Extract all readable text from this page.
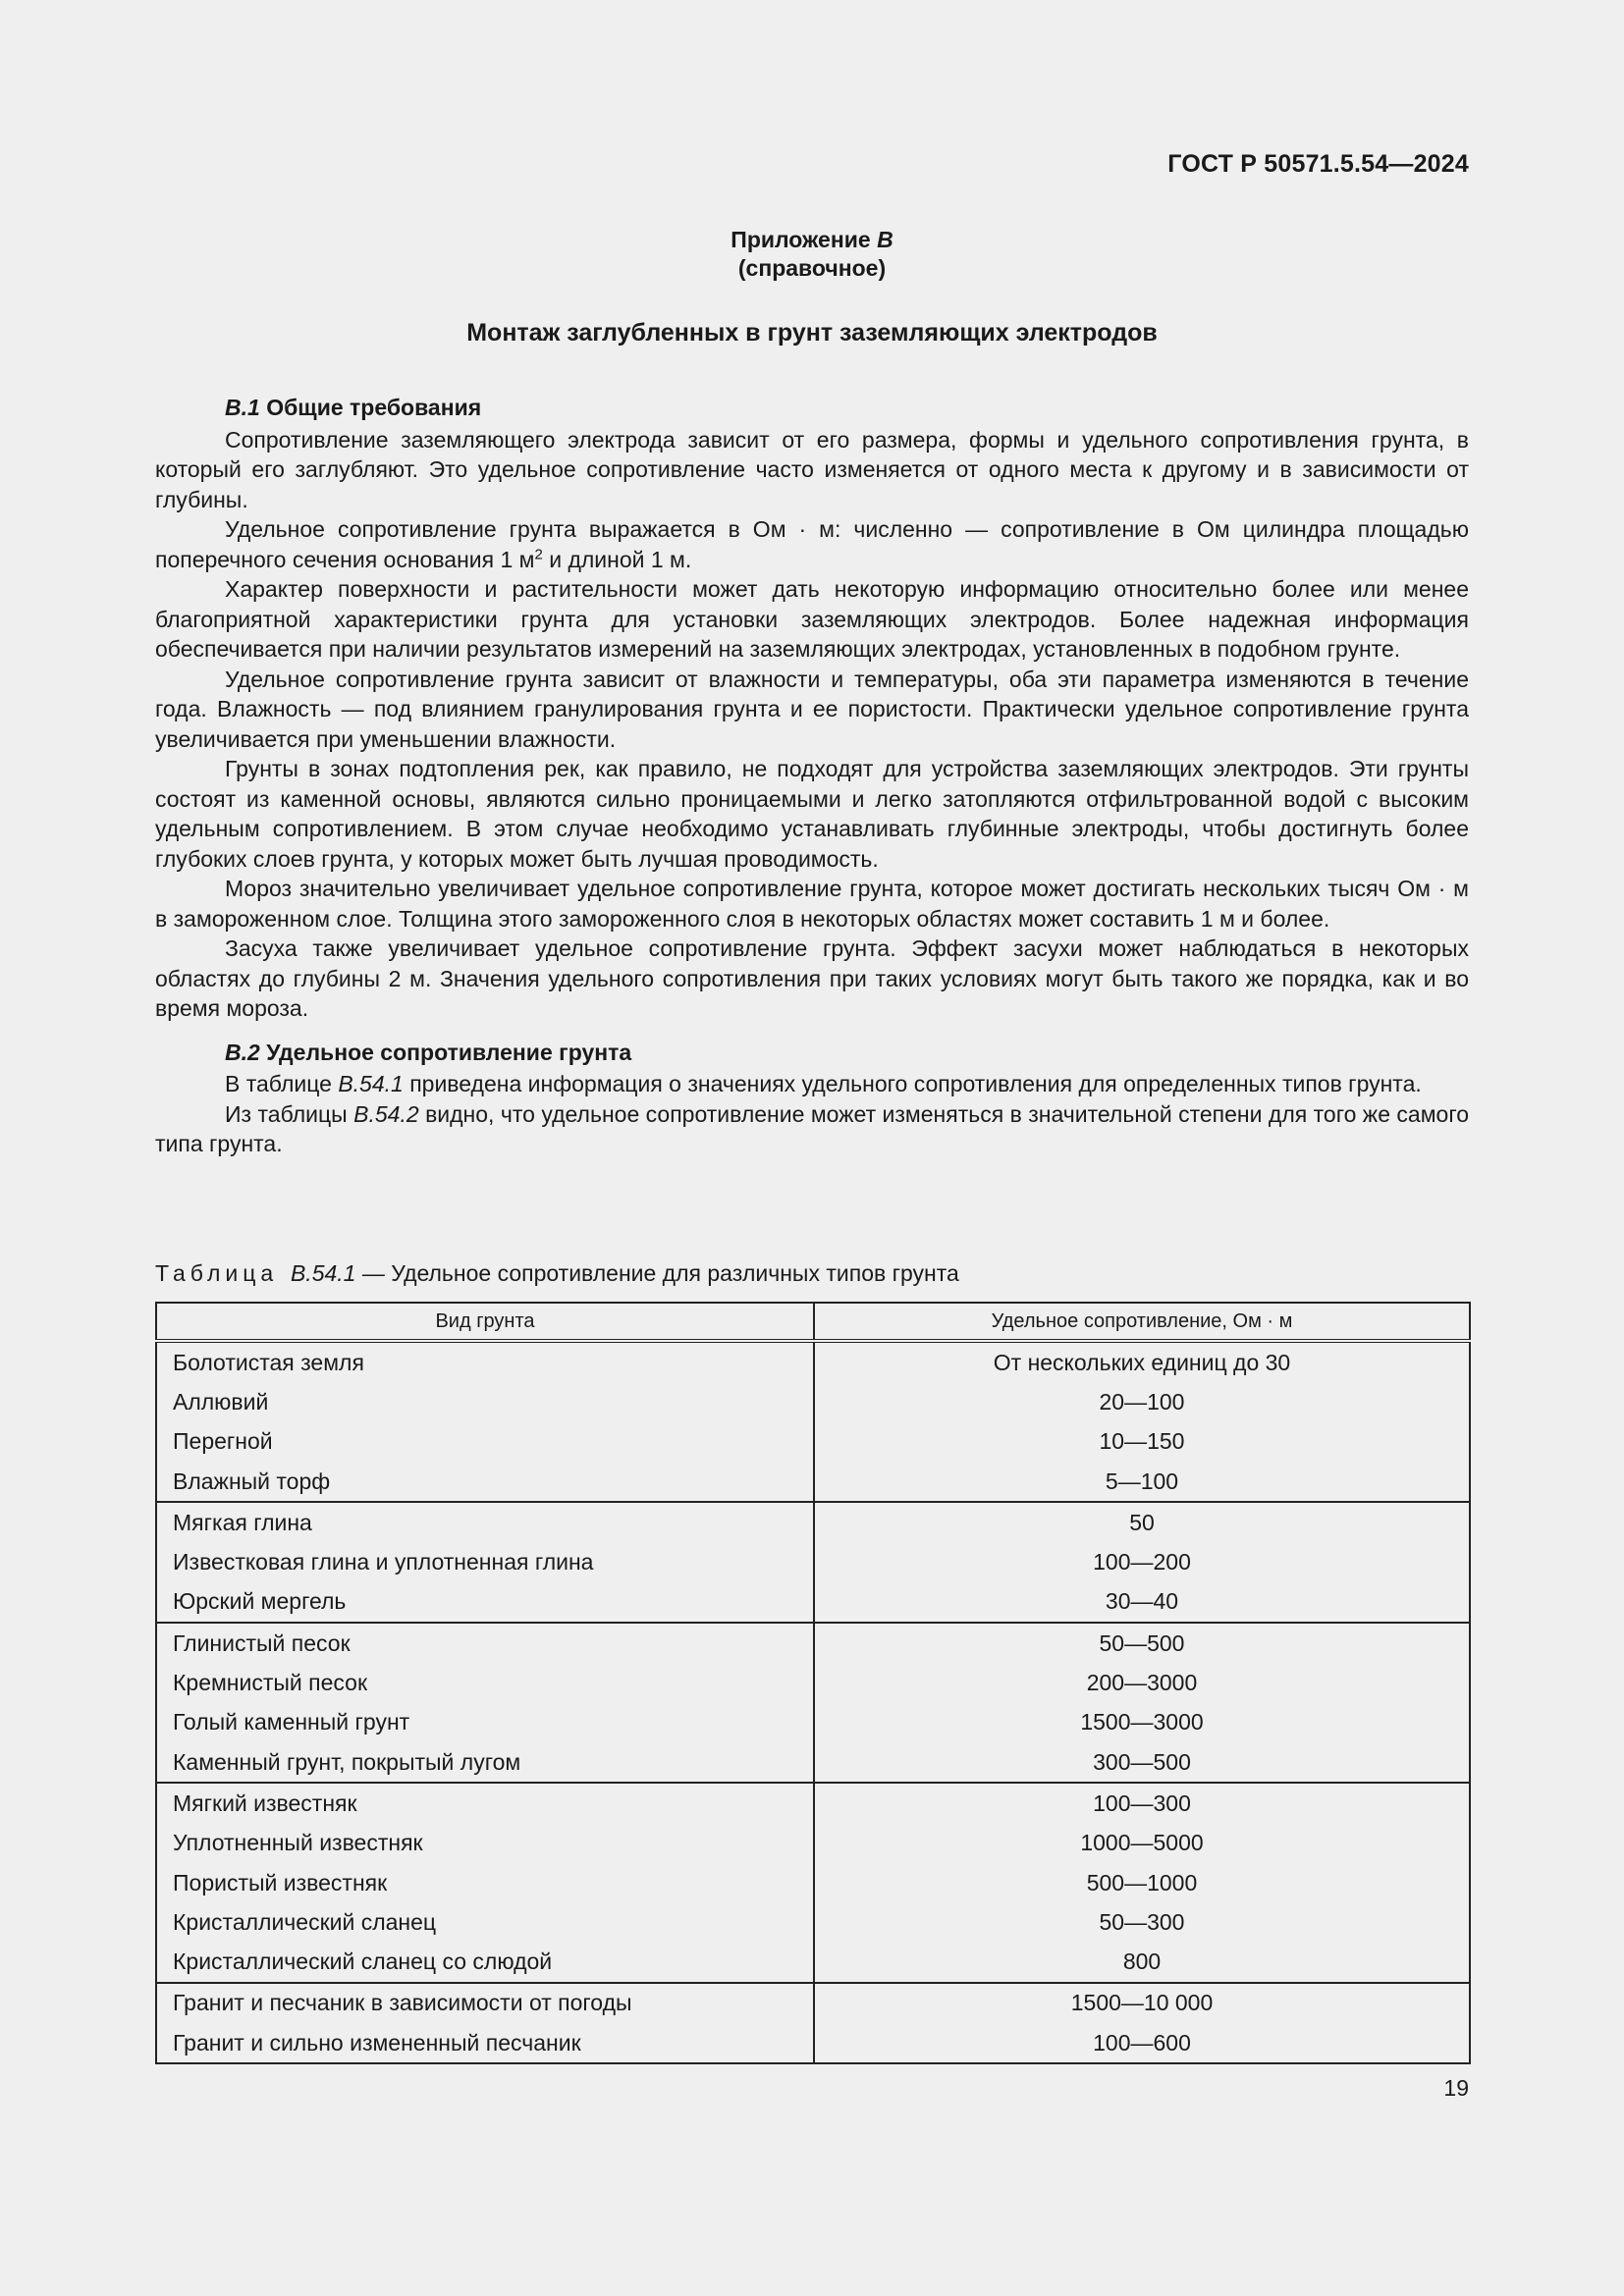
ГОСТ Р 50571.5.54—2024
Приложение В
(справочное)
Монтаж заглубленных в грунт заземляющих электродов
В.1 Общие требования

Сопротивление заземляющего электрода зависит от его размера, формы и удельного сопротивления грунта, в который его заглубляют. Это удельное сопротивление часто изменяется от одного места к другому и в зависимости от глубины.

Удельное сопротивление грунта выражается в Ом · м: численно — сопротивление в Ом цилиндра площадью поперечного сечения основания 1 $м^2$ и длиной 1 м.

Характер поверхности и растительности может дать некоторую информацию относительно более или менее благоприятной характеристики грунта для установки заземляющих электродов. Более надежная информация обеспечивается при наличии результатов измерений на заземляющих электродах, установленных в подобном грунте.

Удельное сопротивление грунта зависит от влажности и температуры, оба эти параметра изменяются в течение года. Влажность — под влиянием гранулирования грунта и ее пористости. Практически удельное сопротивление грунта увеличивается при уменьшении влажности.

Грунты в зонах подтопления рек, как правило, не подходят для устройства заземляющих электродов. Эти грунты состоят из каменной основы, являются сильно проницаемыми и легко затопляются отфильтрованной водой с высоким удельным сопротивлением. В этом случае необходимо устанавливать глубинные электроды, чтобы достигнуть более глубоких слоев грунта, у которых может быть лучшая проводимость.

Мороз значительно увеличивает удельное сопротивление грунта, которое может достигать нескольких тысяч Ом · м в замороженном слое. Толщина этого замороженного слоя в некоторых областях может составить 1 м и более.

Засуха также увеличивает удельное сопротивление грунта. Эффект засухи может наблюдаться в некоторых областях до глубины 2 м. Значения удельного сопротивления при таких условиях могут быть такого же порядка, как и во время мороза.

В.2 Удельное сопротивление грунта

В таблице В.54.1 приведена информация о значениях удельного сопротивления для определенных типов грунта.

Из таблицы В.54.2 видно, что удельное сопротивление может изменяться в значительной степени для того же самого типа грунта.

Таблица В.54.1 — Удельное сопротивление для различных типов грунта
Вид грунта	Удельное сопротивление, Ом · м
Болотистая земля	От нескольких единиц до 30
Аллювий	20—100
Перегной	10—150
Влажный торф	5—100
Мягкая глина	50
Известковая глина и уплотненная глина	100—200
Юрский мергель	30—40
Глинистый песок	50—500
Кремнистый песок	200—3000
Голый каменный грунт	1500—3000
Каменный грунт, покрытый лугом	300—500
Мягкий известняк	100—300
Уплотненный известняк	1000—5000
Пористый известняк	500—1000
Кристаллический сланец	50—300
Кристаллический сланец со слюдой	800
Гранит и песчаник в зависимости от погоды	1500—10 000
Гранит и сильно измененный песчаник	100—600
19
